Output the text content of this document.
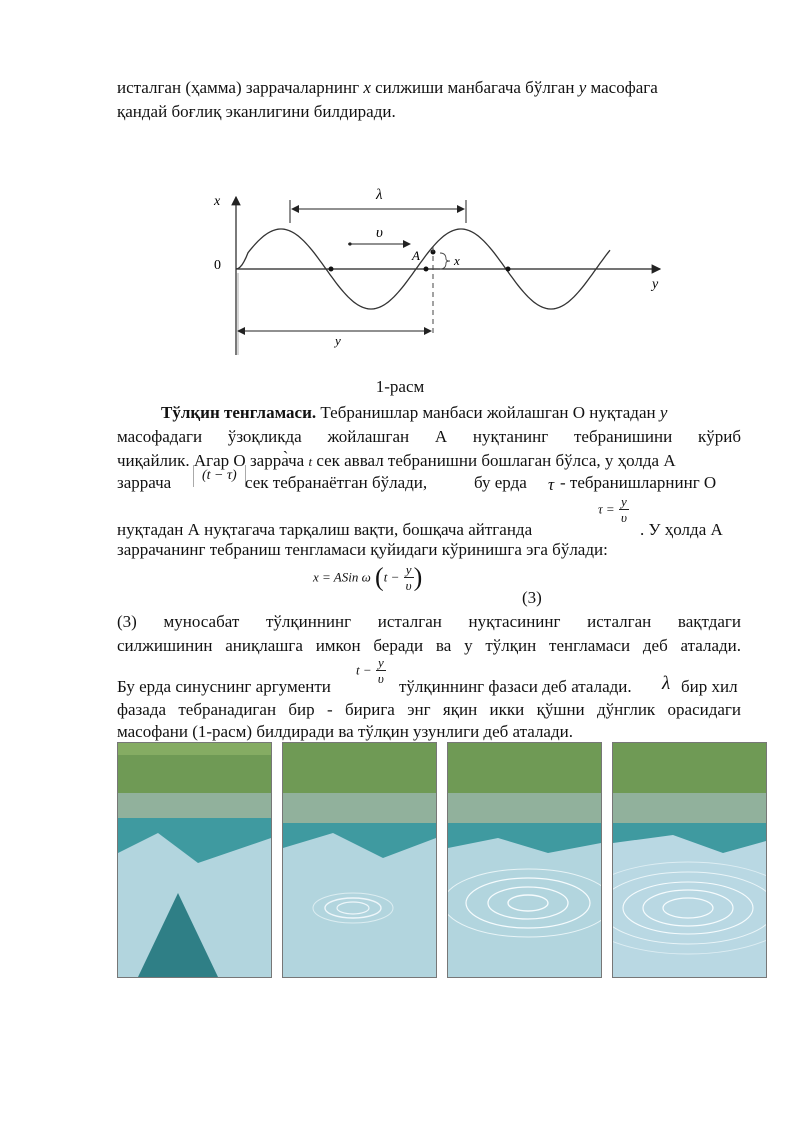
исталган (ҳамма) заррачаларнинг x силжиши манбагача бўлган у масофага

қандай боғлиқ эканлигини билдиради.

x
y
0
λ
υ
A	x
y
1-расм

Тўлқин тенгламаси. Тебранишлар манбаси жойлашган О нуқтадан у

масофадаги ўзоқликда жойлашган А нуқтанинг тебранишини кўриб

чиқайлик. Агар О зарра̀ча t сек аввал тебранишни бошлаган бўлса, у ҳолда А

заррача	(t − τ) сек тебранаётган бўлади,	бу ерда τ - тебранишларнинг О
$\tau = \frac{y}{\upsilon}$
нуқтадан А нуқтагача тарқалиш вақти, бошқача айтганда	. У ҳолда А

заррачанинг тебраниш тенгламаси қуйидаги кўринишга эга бўлади:

x = ASin ω ($t - \frac{y}{\upsilon}$ )
(3)

(3) муносабат тўлқиннинг исталган нуқтасининг исталган вақтдаги

силжишинин аниқлашга имкон беради ва у тўлқин тенгламаси деб аталади.

$t - \frac{y}{\upsilon}$
Бу ерда синуснинг аргументи	тўлқиннинг фазаси деб аталади. λ бир хил

фазада тебранадиган бир - бирига энг яқин икки қўшни дўнглик орасидаги

масофани (1-расм) билдиради ва тўлқин узунлиги деб аталади.
